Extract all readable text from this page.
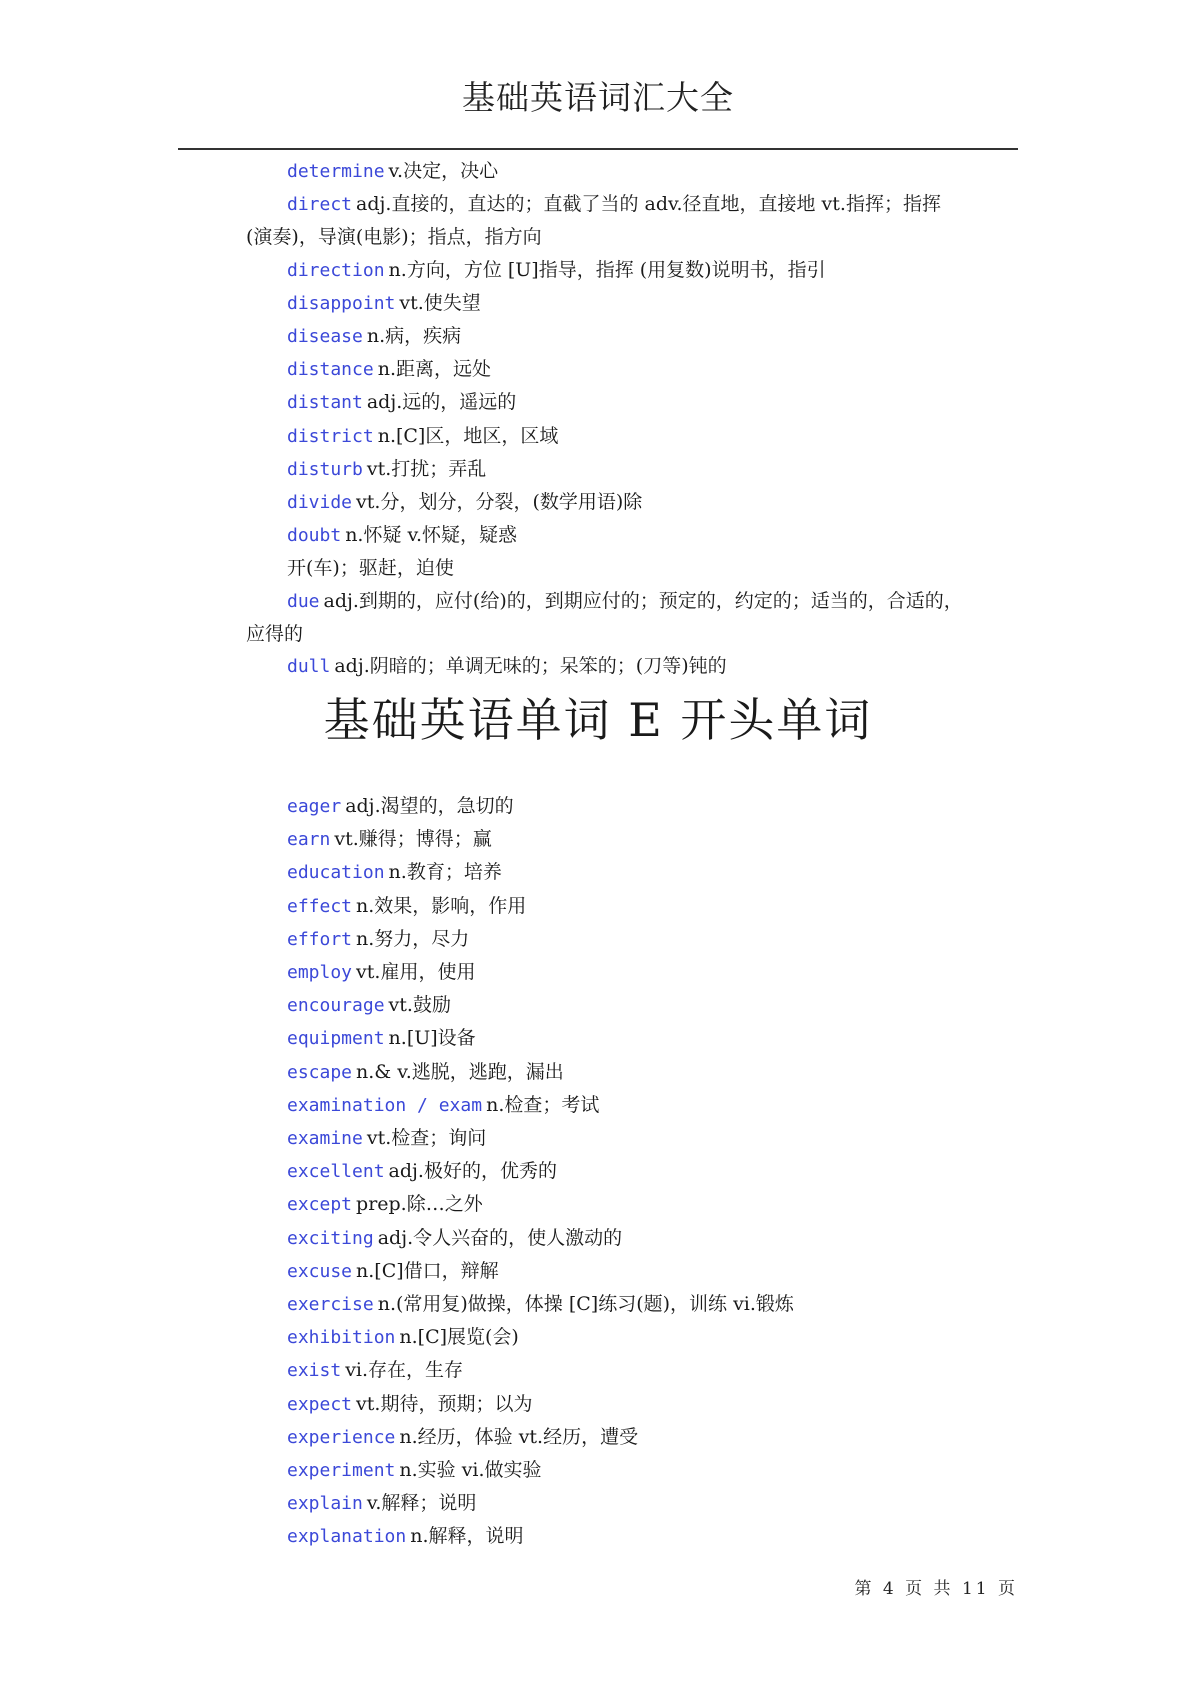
基础英语词汇大全
determine v.决定，决心
direct adj.直接的，直达的；直截了当的 adv.径直地，直接地 vt.指挥；指挥(演奏)，导演(电影)；指点，指方向
direction n.方向，方位 [U]指导，指挥 (用复数)说明书，指引
disappoint vt.使失望
disease n.病，疾病
distance n.距离，远处
distant adj.远的，遥远的
district n.[C]区，地区，区域
disturb vt.打扰；弄乱
divide vt.分，划分，分裂，(数学用语)除
doubt n.怀疑 v.怀疑，疑惑
开(车)；驱赶，迫使
due adj.到期的，应付(给)的，到期应付的；预定的，约定的；适当的，合适的，应得的
dull adj.阴暗的；单调无味的；呆笨的；(刀等)钝的
基础英语单词 E 开头单词
eager adj.渴望的，急切的
earn vt.赚得；博得；赢
education n.教育；培养
effect n.效果，影响，作用
effort n.努力，尽力
employ vt.雇用，使用
encourage vt.鼓励
equipment n.[U]设备
escape n.& v.逃脱，逃跑，漏出
examination / exam n.检查；考试
examine vt.检查；询问
excellent adj.极好的，优秀的
except prep.除…之外
exciting adj.令人兴奋的，使人激动的
excuse n.[C]借口，辩解
exercise n.(常用复)做操，体操 [C]练习(题)，训练 vi.锻炼
exhibition n.[C]展览(会)
exist vi.存在，生存
expect vt.期待，预期；以为
experience n.经历，体验 vt.经历，遭受
experiment n.实验 vi.做实验
explain v.解释；说明
explanation n.解释，说明
第 4 页 共 11 页
